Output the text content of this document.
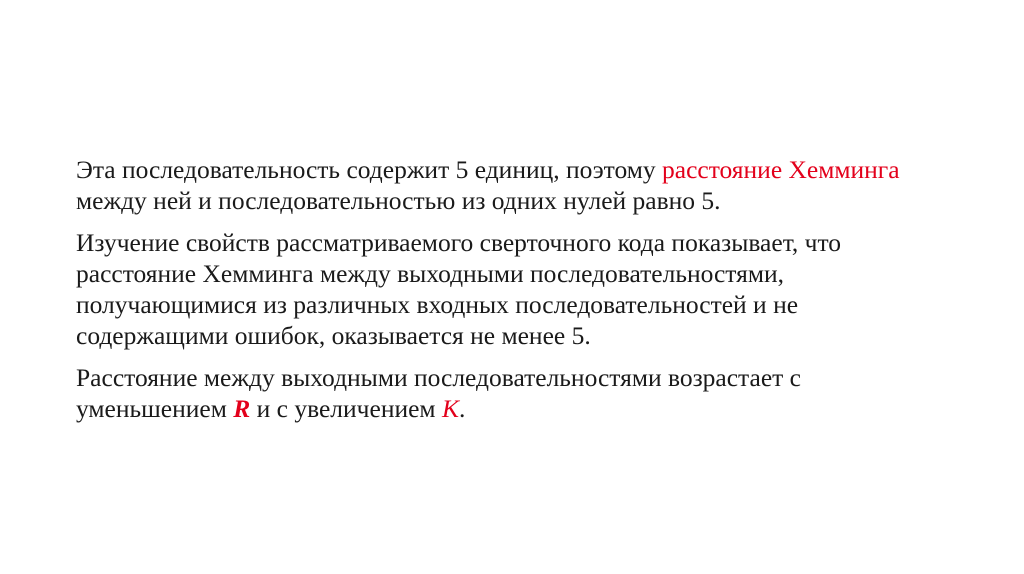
Эта последовательность содержит 5 единиц, поэтому расстояние Хемминга между ней и последовательностью из одних нулей равно 5.

Изучение свойств рассматриваемого сверточного кода показывает, что расстояние Хемминга между выходными последовательностями, получающимися из различных входных последовательностей и не содержащими ошибок, оказывается не менее 5.

Расстояние между выходными последовательностями возрастает с уменьшением R и с увеличением K.
